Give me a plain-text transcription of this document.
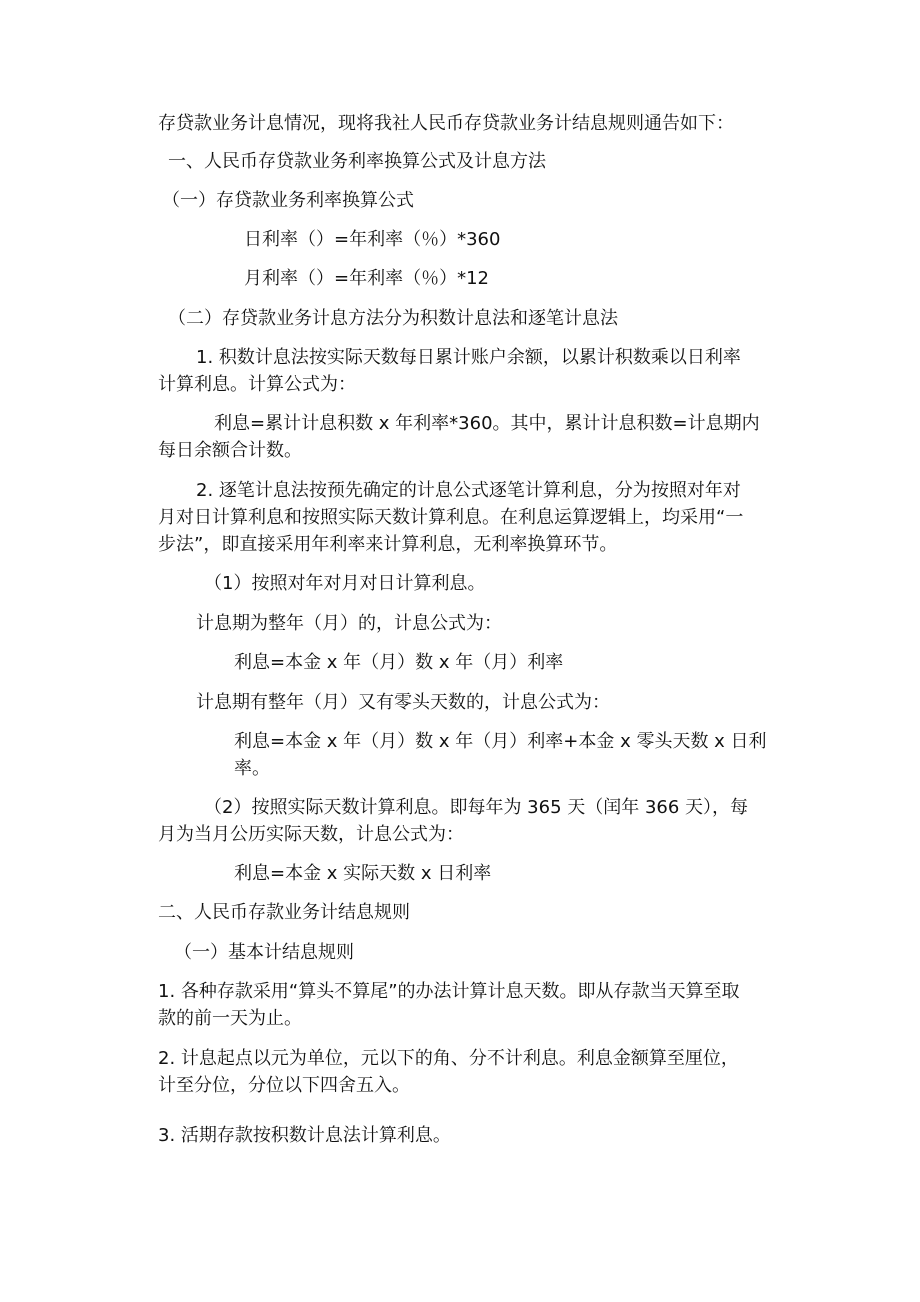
存贷款业务计息情况，现将我社人民币存贷款业务计结息规则通告如下：

一、人民币存贷款业务利率换算公式及计息方法

（一）存贷款业务利率换算公式

日利率（）=年利率（％）*360

月利率（）=年利率（％）*12

（二）存贷款业务计息方法分为积数计息法和逐笔计息法

1. 积数计息法按实际天数每日累计账户余额，以累计积数乘以日利率

计算利息。计算公式为：

利息=累计计息积数 x 年利率*360。其中，累计计息积数=计息期内

每日余额合计数。

2. 逐笔计息法按预先确定的计息公式逐笔计算利息，分为按照对年对

月对日计算利息和按照实际天数计算利息。在利息运算逻辑上，均采用“一

步法”，即直接采用年利率来计算利息，无利率换算环节。

（1）按照对年对月对日计算利息。

计息期为整年（月）的，计息公式为：

利息=本金 x 年（月）数 x 年（月）利率

计息期有整年（月）又有零头天数的，计息公式为：

利息=本金 x 年（月）数 x 年（月）利率+本金 x 零头天数 x 日利

率。

（2）按照实际天数计算利息。即每年为 365 天（闰年 366 天），每

月为当月公历实际天数，计息公式为：

利息=本金 x 实际天数 x 日利率

二、人民币存款业务计结息规则

（一）基本计结息规则

1. 各种存款采用“算头不算尾”的办法计算计息天数。即从存款当天算至取

款的前一天为止。

2. 计息起点以元为单位，元以下的角、分不计利息。利息金额算至厘位，

计至分位，分位以下四舍五入。

3. 活期存款按积数计息法计算利息。
